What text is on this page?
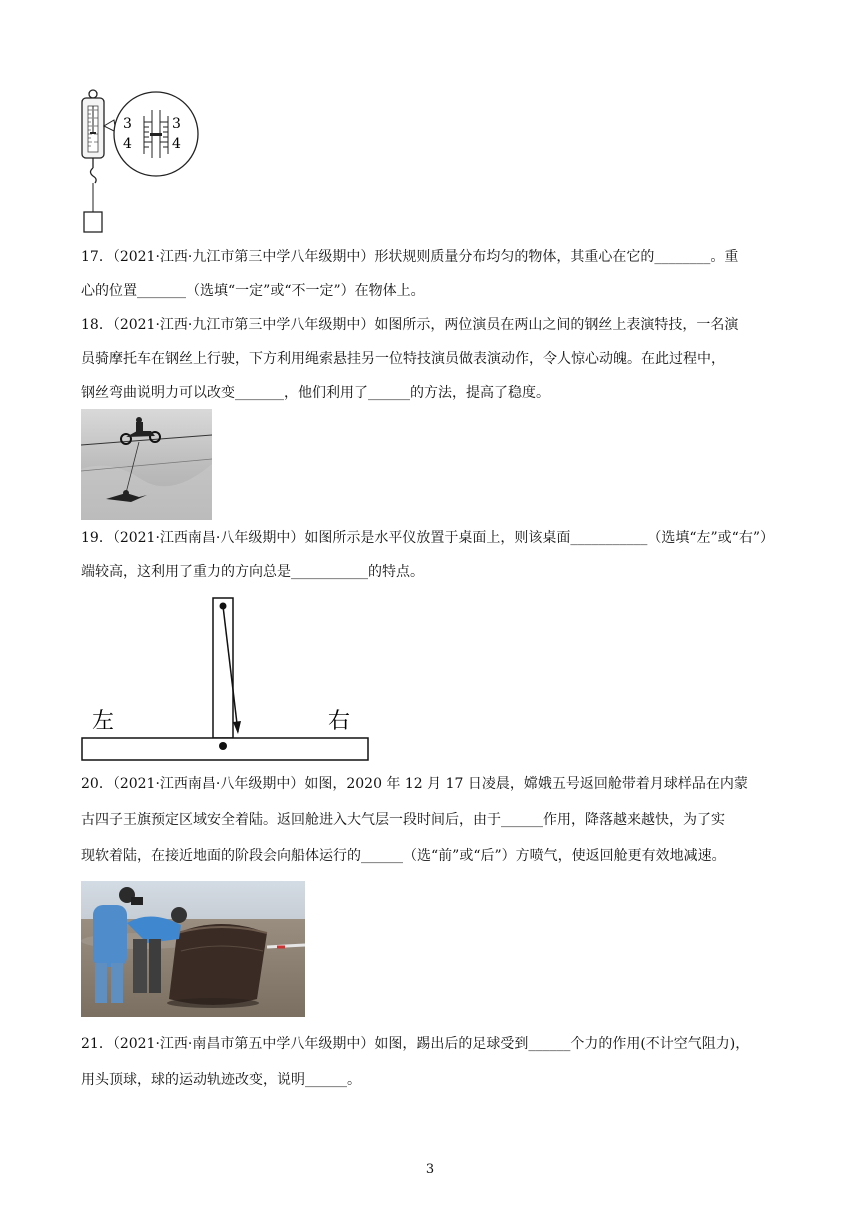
3	3
4	4
17．（2021·江西·九江市第三中学八年级期中）形状规则质量分布均匀的物体，其重心在它的________。重
心的位置_______（选填“一定”或“不一定”）在物体上。
18．（2021·江西·九江市第三中学八年级期中）如图所示，两位演员在两山之间的钢丝上表演特技，一名演
员骑摩托车在钢丝上行驶，下方利用绳索悬挂另一位特技演员做表演动作，令人惊心动魄。在此过程中，
钢丝弯曲说明力可以改变_______，他们利用了______的方法，提高了稳度。
19．（2021·江西南昌·八年级期中）如图所示是水平仪放置于桌面上，则该桌面___________（选填“左”或“右”）
端较高，这利用了重力的方向总是___________的特点。
左	右
20．（2021·江西南昌·八年级期中）如图，2020 年 12 月 17 日凌晨，嫦娥五号返回舱带着月球样品在内蒙
古四子王旗预定区域安全着陆。返回舱进入大气层一段时间后，由于______作用，降落越来越快，为了实
现软着陆，在接近地面的阶段会向船体运行的______（选“前”或“后”）方喷气，使返回舱更有效地减速。
21．（2021·江西·南昌市第五中学八年级期中）如图，踢出后的足球受到______个力的作用(不计空气阻力)，
用头顶球，球的运动轨迹改变，说明______。
3
